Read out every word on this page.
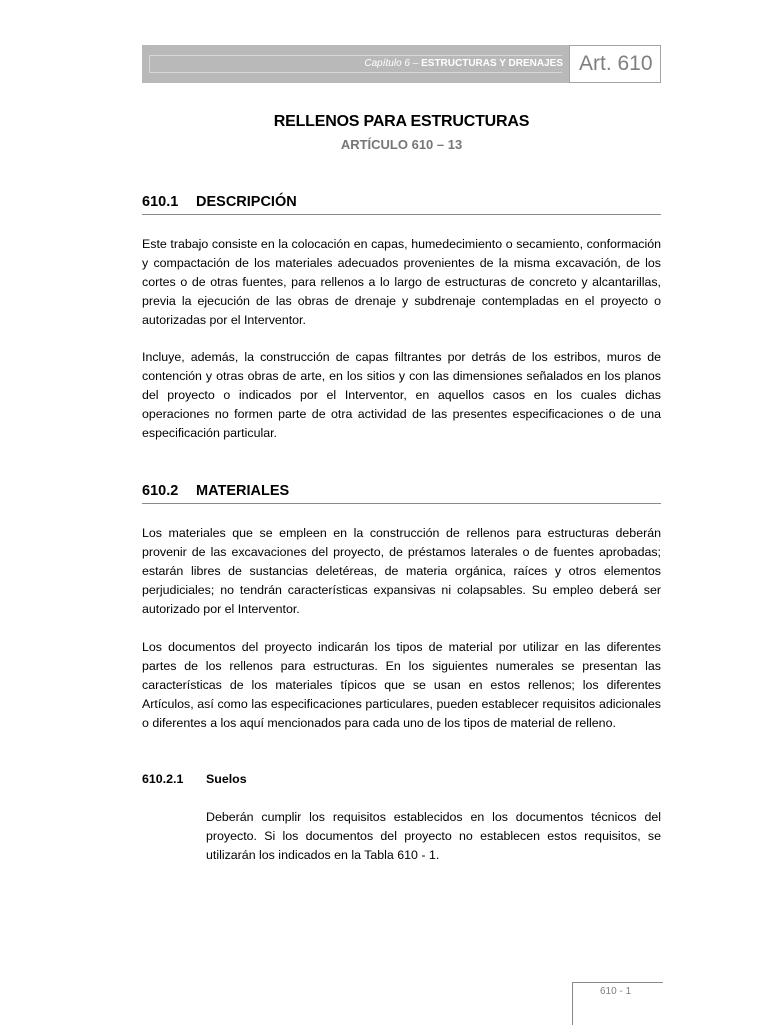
Capítulo 6 – ESTRUCTURAS Y DRENAJES Art. 610
RELLENOS PARA ESTRUCTURAS
ARTÍCULO 610 – 13
610.1 DESCRIPCIÓN

Este trabajo consiste en la colocación en capas, humedecimiento o secamiento, conformación y compactación de los materiales adecuados provenientes de la misma excavación, de los cortes o de otras fuentes, para rellenos a lo largo de estructuras de concreto y alcantarillas, previa la ejecución de las obras de drenaje y subdrenaje contempladas en el proyecto o autorizadas por el Interventor.

Incluye, además, la construcción de capas filtrantes por detrás de los estribos, muros de contención y otras obras de arte, en los sitios y con las dimensiones señalados en los planos del proyecto o indicados por el Interventor, en aquellos casos en los cuales dichas operaciones no formen parte de otra actividad de las presentes especificaciones o de una especificación particular.

610.2 MATERIALES

Los materiales que se empleen en la construcción de rellenos para estructuras deberán provenir de las excavaciones del proyecto, de préstamos laterales o de fuentes aprobadas; estarán libres de sustancias deletéreas, de materia orgánica, raíces y otros elementos perjudiciales; no tendrán características expansivas ni colapsables. Su empleo deberá ser autorizado por el Interventor.

Los documentos del proyecto indicarán los tipos de material por utilizar en las diferentes partes de los rellenos para estructuras. En los siguientes numerales se presentan las características de los materiales típicos que se usan en estos rellenos; los diferentes Artículos, así como las especificaciones particulares, pueden establecer requisitos adicionales o diferentes a los aquí mencionados para cada uno de los tipos de material de relleno.

610.2.1 Suelos

Deberán cumplir los requisitos establecidos en los documentos técnicos del proyecto. Si los documentos del proyecto no establecen estos requisitos, se utilizarán los indicados en la Tabla 610 - 1.

610 - 1
